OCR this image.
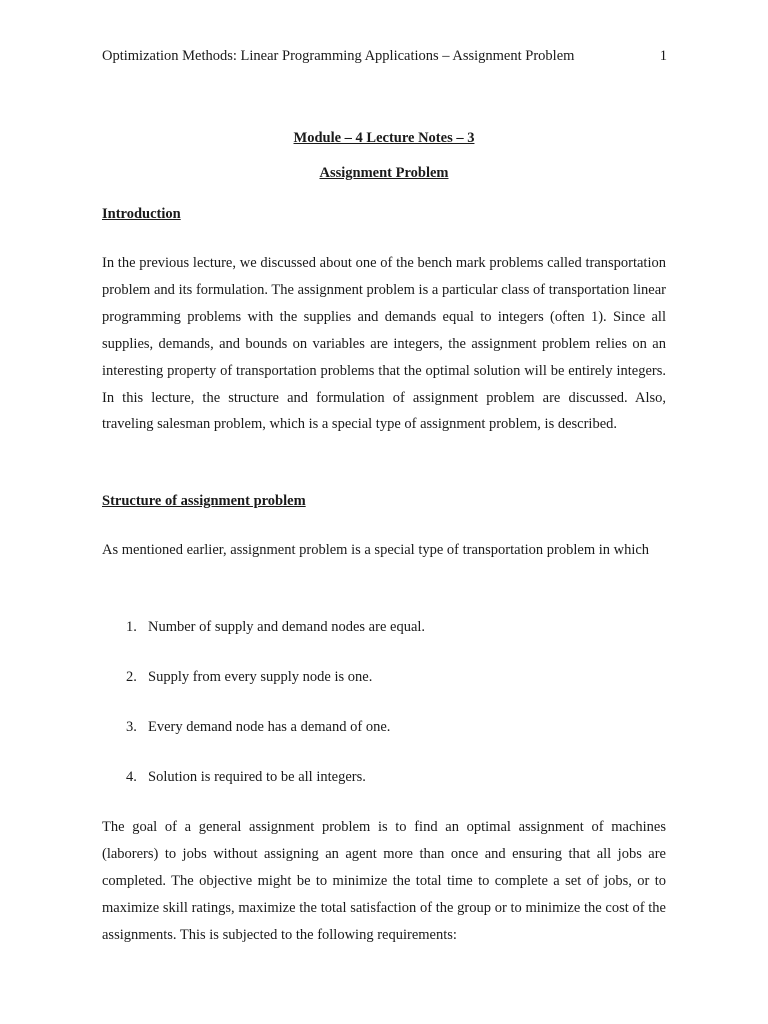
Optimization Methods: Linear Programming Applications – Assignment Problem	1
Module – 4 Lecture Notes – 3
Assignment Problem
Introduction

In the previous lecture, we discussed about one of the bench mark problems called transportation problem and its formulation. The assignment problem is a particular class of transportation linear programming problems with the supplies and demands equal to integers (often 1). Since all supplies, demands, and bounds on variables are integers, the assignment problem relies on an interesting property of transportation problems that the optimal solution will be entirely integers. In this lecture, the structure and formulation of assignment problem are discussed. Also, traveling salesman problem, which is a special type of assignment problem, is described.

Structure of assignment problem

As mentioned earlier, assignment problem is a special type of transportation problem in which

1. Number of supply and demand nodes are equal.
2. Supply from every supply node is one.
3. Every demand node has a demand of one.
4. Solution is required to be all integers.

The goal of a general assignment problem is to find an optimal assignment of machines (laborers) to jobs without assigning an agent more than once and ensuring that all jobs are completed. The objective might be to minimize the total time to complete a set of jobs, or to maximize skill ratings, maximize the total satisfaction of the group or to minimize the cost of the assignments. This is subjected to the following requirements:
